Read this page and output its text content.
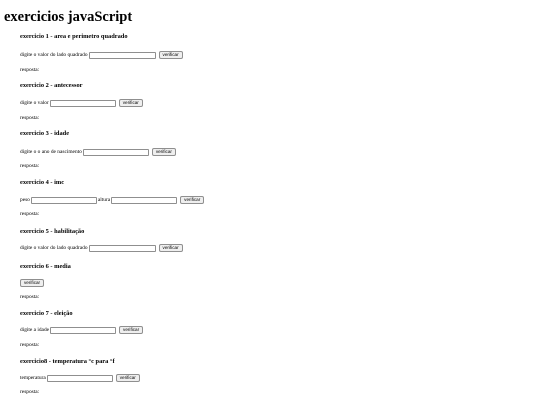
exercicios javaScript
exercicio 1 - area e perimetro quadrado
digite o valor do lado quadrado	verificar
resposta:
exercicio 2 - antecessor
digite o valor	verificar
resposta:
exercicio 3 - idade
digite o o ano de nascimento	verificar
resposta:
exercicio 4 - imc
peso	altura	verificar
resposta:
exercicio 5 - habilitação
digite o valor do lado quadrado	verificar
exercicio 6 - media
verificar
resposta:
exercicio 7 - eleição
digite a idade	verificar
resposta:
exercicio8 - temperatura °c para °f
temperatura	verificar
resposta:
